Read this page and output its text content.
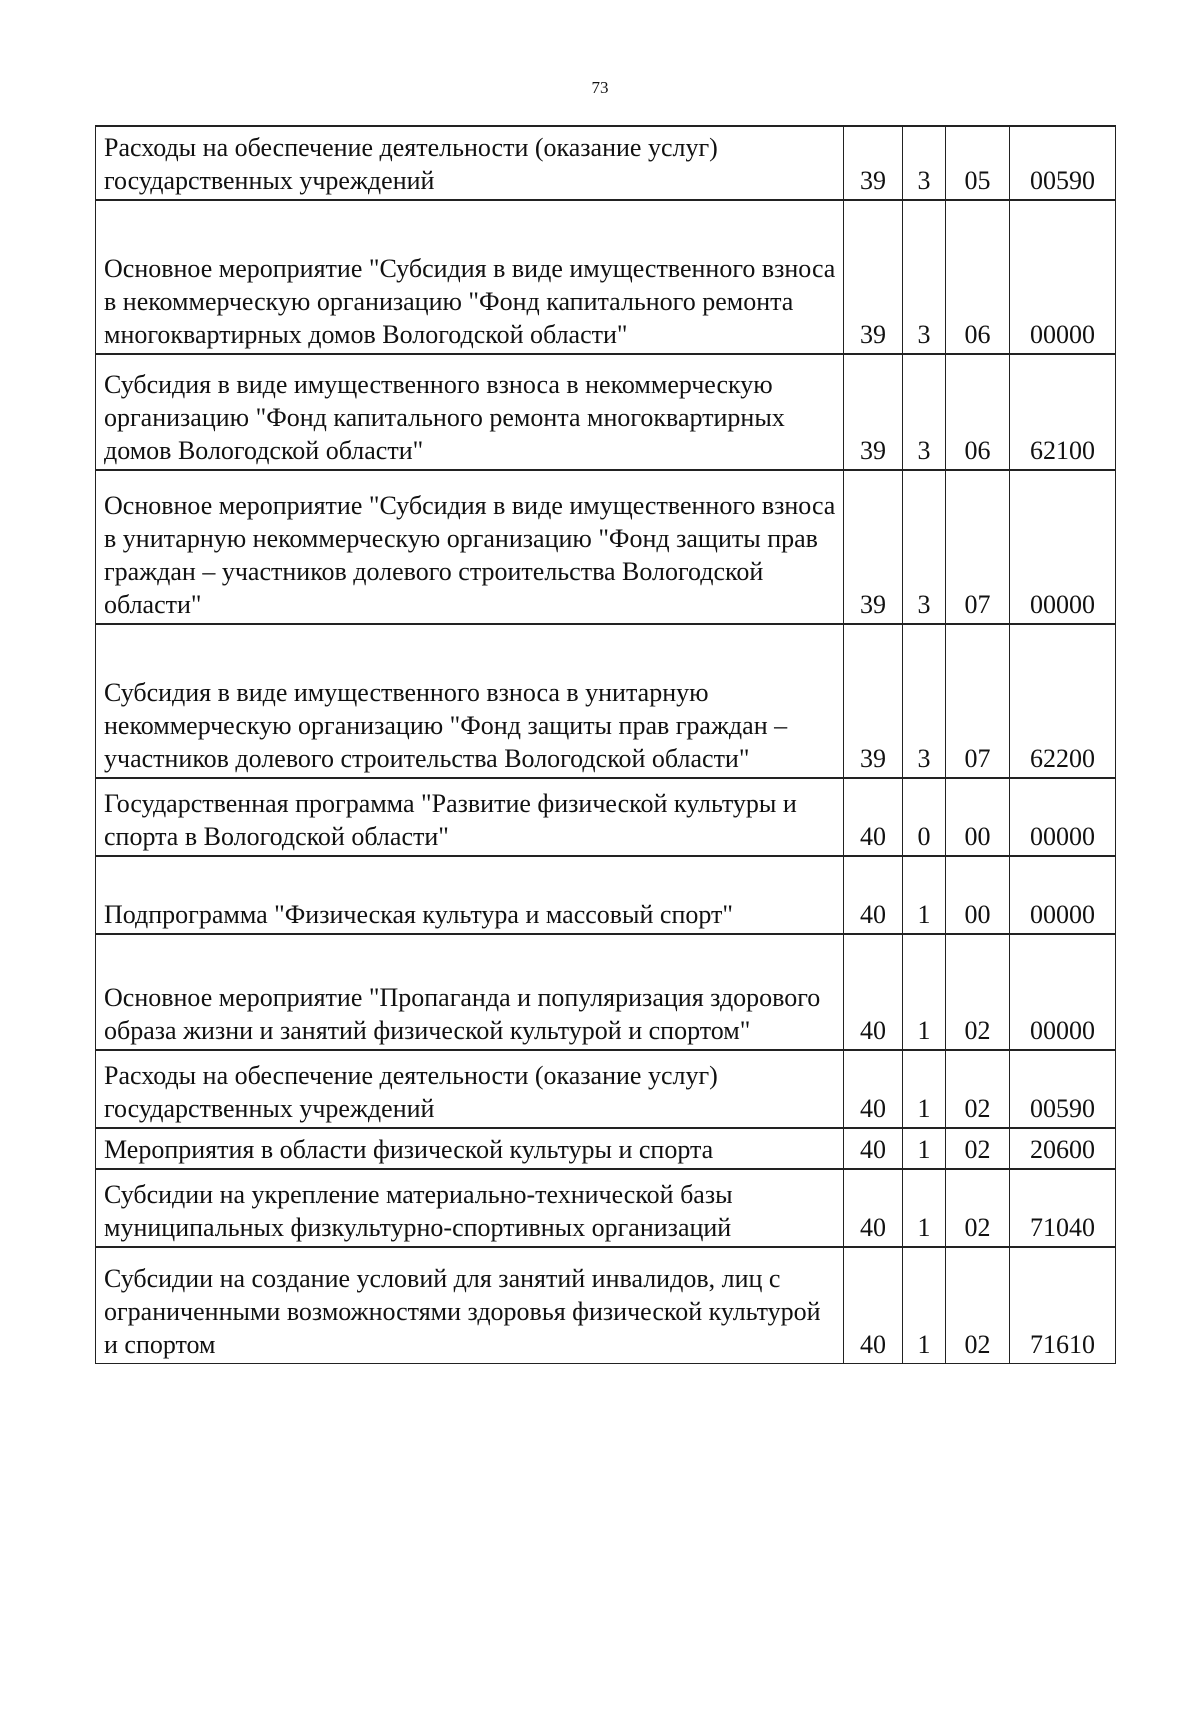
73
Расходы на обеспечение деятельности (оказание услуг) государственных учреждений	39	3	05	00590
Основное мероприятие "Субсидия в виде имущественного взноса в некоммерческую организацию "Фонд капитального ремонта многоквартирных домов Вологодской области"	39	3	06	00000
Субсидия в виде имущественного взноса в некоммерческую организацию "Фонд капитального ремонта многоквартирных домов Вологодской области"	39	3	06	62100
Основное мероприятие "Субсидия в виде имущественного взноса в унитарную некоммерческую организацию "Фонд защиты прав граждан – участников долевого строительства Вологодской области"	39	3	07	00000
Субсидия в виде имущественного взноса в унитарную некоммерческую организацию "Фонд защиты прав граждан – участников долевого строительства Вологодской области"	39	3	07	62200
Государственная программа "Развитие физической культуры и спорта в Вологодской области"	40	0	00	00000
Подпрограмма "Физическая культура и массовый спорт"	40	1	00	00000
Основное мероприятие "Пропаганда и популяризация здорового образа жизни и занятий физической культурой и спортом"	40	1	02	00000
Расходы на обеспечение деятельности (оказание услуг) государственных учреждений	40	1	02	00590
Мероприятия в области физической культуры и спорта	40	1	02	20600
Субсидии на укрепление материально-технической базы муниципальных физкультурно-спортивных организаций	40	1	02	71040
Субсидии на создание условий для занятий инвалидов, лиц с ограниченными возможностями здоровья физической культурой и спортом	40	1	02	71610
